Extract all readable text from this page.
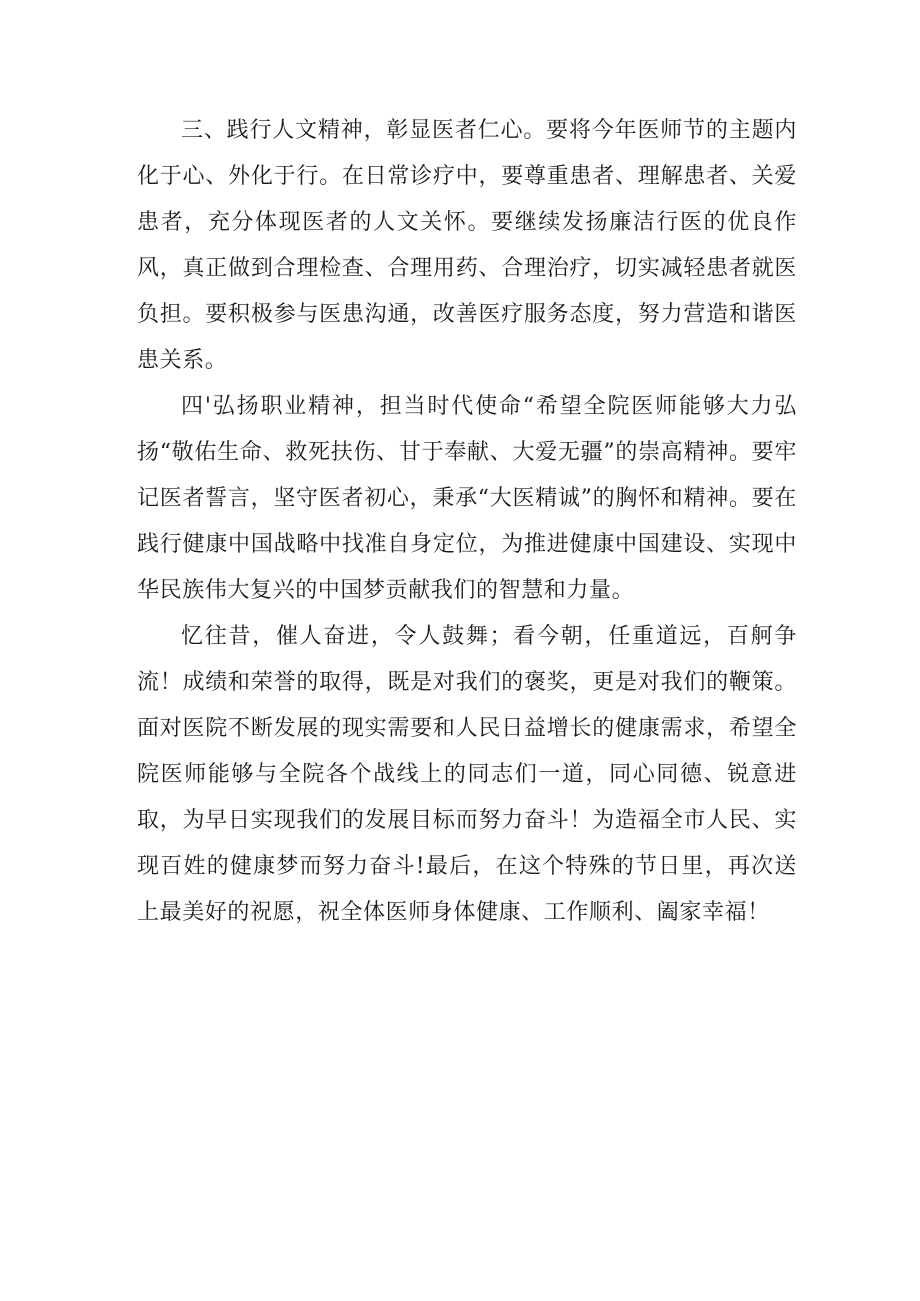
三、践行人文精神，彰显医者仁心。要将今年医师节的主题内化于心、外化于行。在日常诊疗中，要尊重患者、理解患者、关爱患者，充分体现医者的人文关怀。要继续发扬廉洁行医的优良作风，真正做到合理检查、合理用药、合理治疗，切实减轻患者就医负担。要积极参与医患沟通，改善医疗服务态度，努力营造和谐医患关系。

四'弘扬职业精神，担当时代使命“希望全院医师能够大力弘扬“敬佑生命、救死扶伤、甘于奉献、大爱无疆”的崇高精神。要牢记医者誓言，坚守医者初心，秉承“大医精诚”的胸怀和精神。要在践行健康中国战略中找准自身定位，为推进健康中国建设、实现中华民族伟大复兴的中国梦贡献我们的智慧和力量。

忆往昔，催人奋进，令人鼓舞；看今朝，任重道远，百舸争流！成绩和荣誉的取得，既是对我们的褒奖，更是对我们的鞭策。面对医院不断发展的现实需要和人民日益增长的健康需求，希望全院医师能够与全院各个战线上的同志们一道，同心同德、锐意进取，为早日实现我们的发展目标而努力奋斗！为造福全市人民、实现百姓的健康梦而努力奋斗!最后，在这个特殊的节日里，再次送上最美好的祝愿，祝全体医师身体健康、工作顺利、阖家幸福！
